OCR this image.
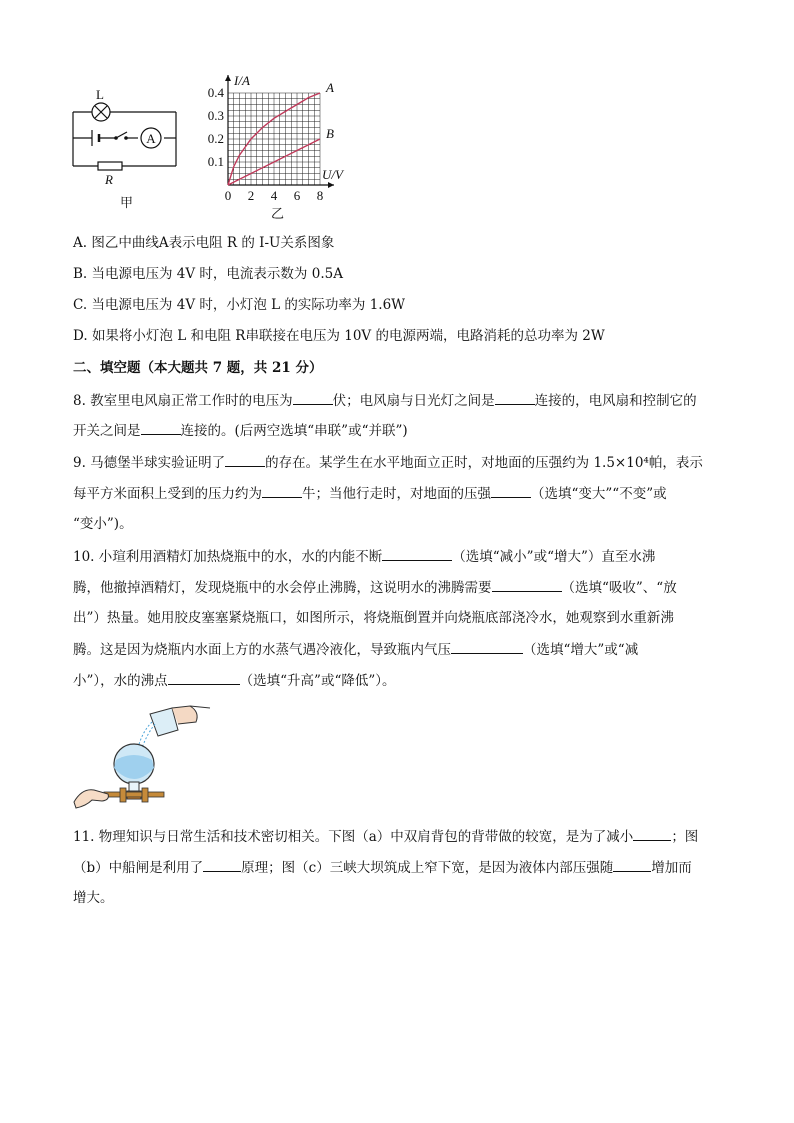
A
L
R
甲
A
B
0 2 4 6 8
0.1
0.2
0.3
0.4
I/A
U/V
乙
A. 图乙中曲线A表示电阻 R 的 I-U关系图象
B. 当电源电压为 4V 时，电流表示数为 0.5A
C. 当电源电压为 4V 时，小灯泡 L 的实际功率为 1.6W
D. 如果将小灯泡 L 和电阻 R串联接在电压为 10V 的电源两端，电路消耗的总功率为 2W
二、填空题（本大题共 7 题，共 21 分）
8. 教室里电风扇正常工作时的电压为	伏；电风扇与日光灯之间是	连接的，电风扇和控制它的
开关之间是	连接的。(后两空选填“串联”或“并联”)
9. 马德堡半球实验证明了	的存在。某学生在水平地面立正时，对地面的压强约为 1.5×10⁴帕，表示
每平方米面积上受到的压力约为	牛；当他行走时，对地面的压强	（选填“变大”“不变”或
“变小”)。
10. 小瑄利用酒精灯加热烧瓶中的水，水的内能不断	（选填“减小”或“增大”）直至水沸
腾，他撤掉酒精灯，发现烧瓶中的水会停止沸腾，这说明水的沸腾需要	（选填“吸收”、“放
出”）热量。她用胶皮塞塞紧烧瓶口，如图所示，将烧瓶倒置并向烧瓶底部浇冷水，她观察到水重新沸
腾。这是因为烧瓶内水面上方的水蒸气遇冷液化，导致瓶内气压	（选填“增大”或“减
小”），水的沸点	（选填“升高”或“降低”）。
11. 物理知识与日常生活和技术密切相关。下图（a）中双肩背包的背带做的较宽，是为了减小	；图
（b）中船闸是利用了	原理；图（c）三峡大坝筑成上窄下宽，是因为液体内部压强随	增加而
增大。
